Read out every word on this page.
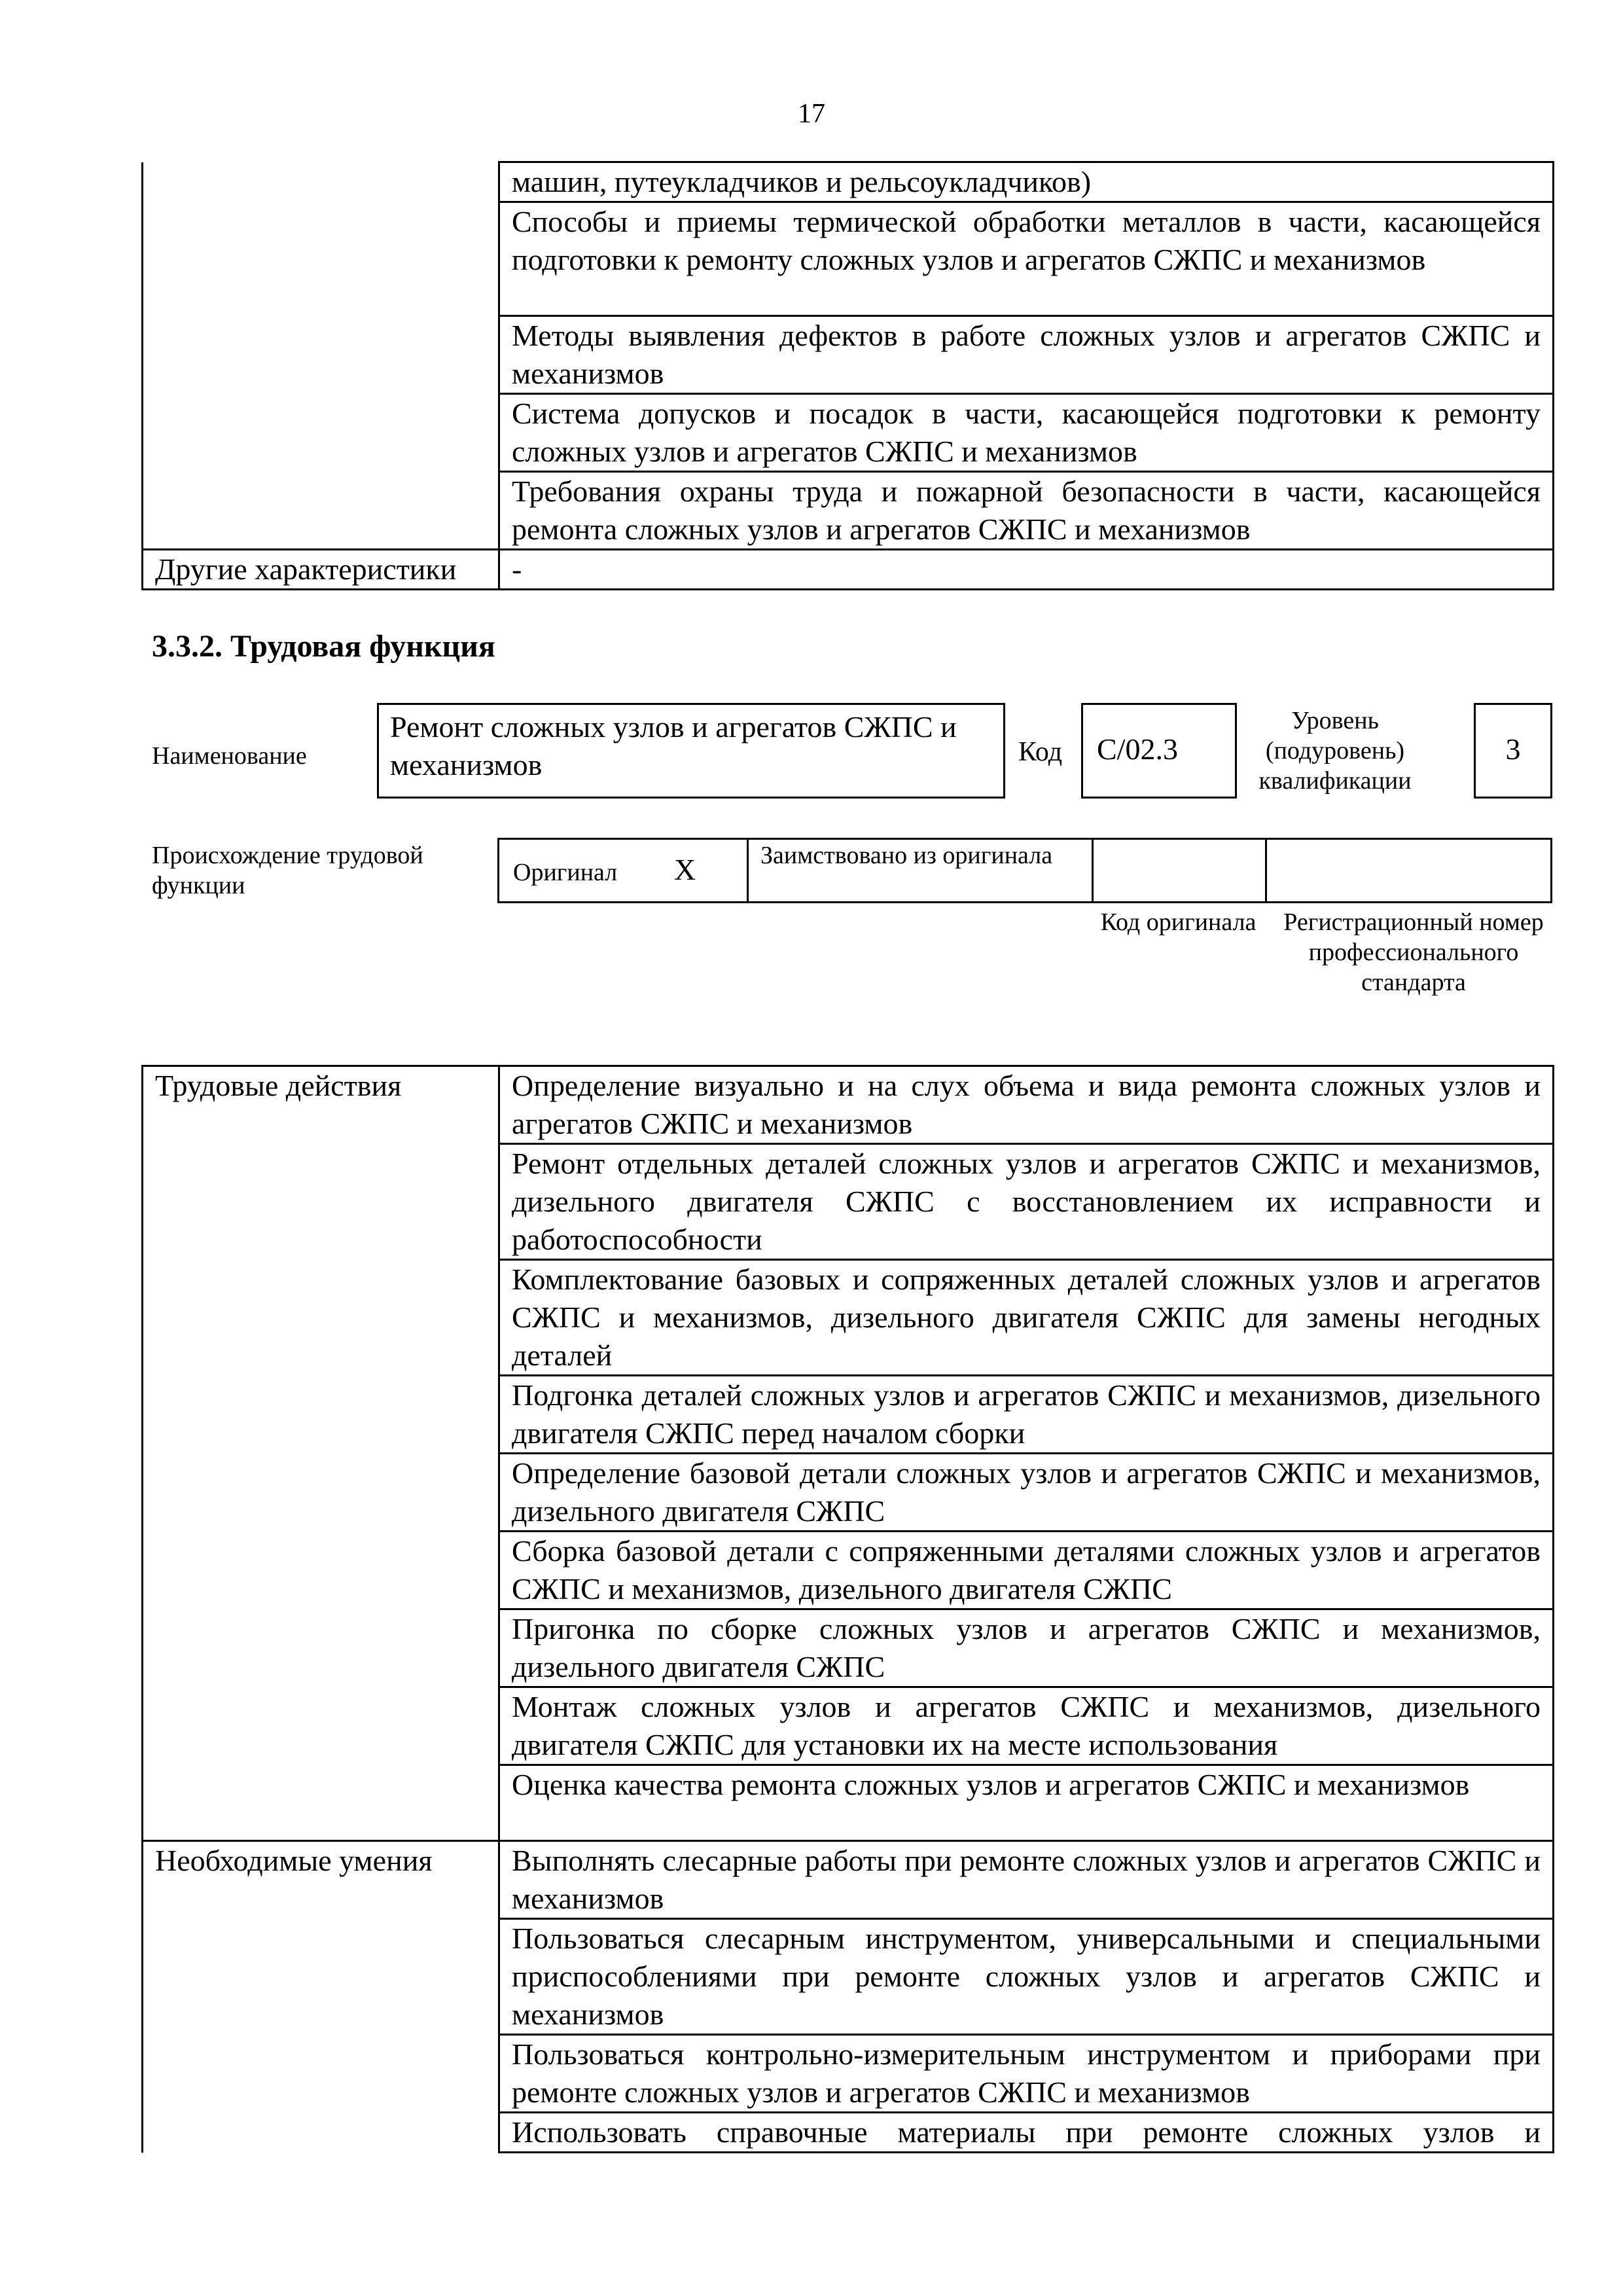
17
	машин, путеукладчиков и рельсоукладчиков)
	Способы и приемы термической обработки металлов в части, касающейся подготовки к ремонту сложных узлов и агрегатов СЖПС и механизмов
	Методы выявления дефектов в работе сложных узлов и агрегатов СЖПС и механизмов
	Система допусков и посадок в части, касающейся подготовки к ремонту сложных узлов и агрегатов СЖПС и механизмов
	Требования охраны труда и пожарной безопасности в части, касающейся ремонта сложных узлов и агрегатов СЖПС и механизмов
Другие характеристики	-
3.3.2. Трудовая функция
Наименование
Ремонт сложных узлов и агрегатов СЖПС и механизмов	Код C/02.3
Уровень (подуровень) квалификации
3
Происхождение трудовой функции	Оригинал X	Заимствовано из оригинала
Код оригинала	Регистрационный номер профессионального стандарта
Трудовые действия	Определение визуально и на слух объема и вида ремонта сложных узлов и агрегатов СЖПС и механизмов
	Ремонт отдельных деталей сложных узлов и агрегатов СЖПС и механизмов, дизельного двигателя СЖПС с восстановлением их исправности и работоспособности
	Комплектование базовых и сопряженных деталей сложных узлов и агрегатов СЖПС и механизмов, дизельного двигателя СЖПС для замены негодных деталей
	Подгонка деталей сложных узлов и агрегатов СЖПС и механизмов, дизельного двигателя СЖПС перед началом сборки
	Определение базовой детали сложных узлов и агрегатов СЖПС и механизмов, дизельного двигателя СЖПС
	Сборка базовой детали с сопряженными деталями сложных узлов и агрегатов СЖПС и механизмов, дизельного двигателя СЖПС
	Пригонка по сборке сложных узлов и агрегатов СЖПС и механизмов, дизельного двигателя СЖПС
	Монтаж сложных узлов и агрегатов СЖПС и механизмов, дизельного двигателя СЖПС для установки их на месте использования
	Оценка качества ремонта сложных узлов и агрегатов СЖПС и механизмов
Необходимые умения	Выполнять слесарные работы при ремонте сложных узлов и агрегатов СЖПС и механизмов
	Пользоваться слесарным инструментом, универсальными и специальными приспособлениями при ремонте сложных узлов и агрегатов СЖПС и механизмов
	Пользоваться контрольно-измерительным инструментом и приборами при ремонте сложных узлов и агрегатов СЖПС и механизмов
	Использовать справочные материалы при ремонте сложных узлов и
